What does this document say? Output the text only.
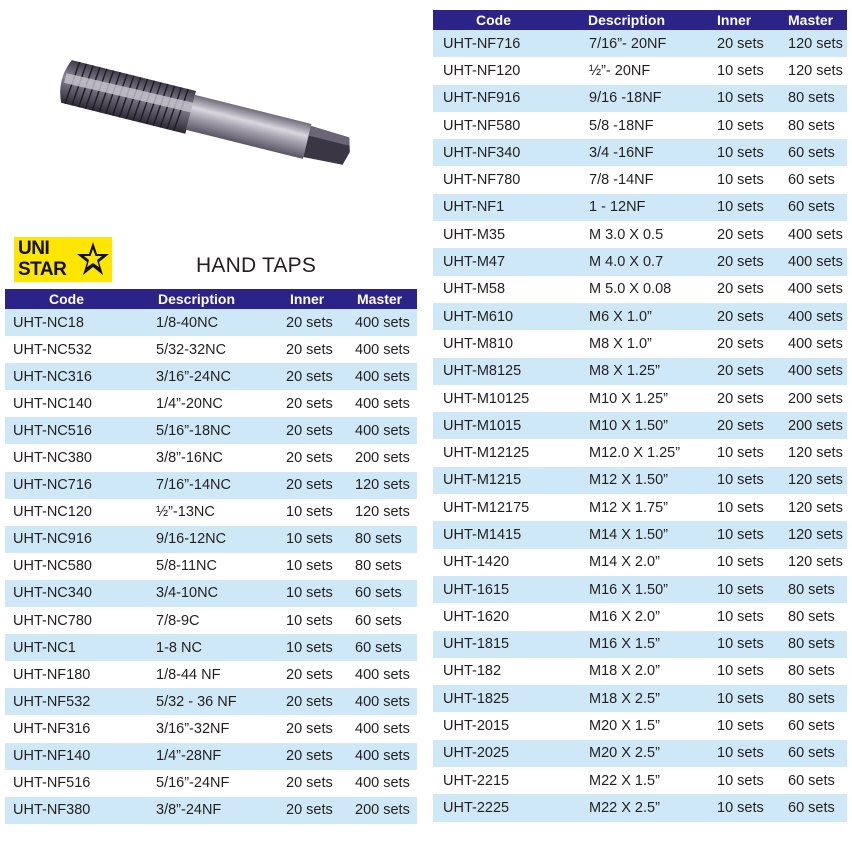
UNI
STAR	HAND TAPS
Code	Description	Inner	Master
UHT-NC18	1/8-40NC	20 sets	400 sets
UHT-NC532	5/32-32NC	20 sets	400 sets
UHT-NC316	3/16”-24NC	20 sets	400 sets
UHT-NC140	1/4”-20NC	20 sets	400 sets
UHT-NC516	5/16”-18NC	20 sets	400 sets
UHT-NC380	3/8”-16NC	20 sets	200 sets
UHT-NC716	7/16”-14NC	20 sets	120 sets
UHT-NC120	½”-13NC	10 sets	120 sets
UHT-NC916	9/16-12NC	10 sets	80 sets
UHT-NC580	5/8-11NC	10 sets	80 sets
UHT-NC340	3/4-10NC	10 sets	60 sets
UHT-NC780	7/8-9C	10 sets	60 sets
UHT-NC1	1-8 NC	10 sets	60 sets
UHT-NF180	1/8-44 NF	20 sets	400 sets
UHT-NF532	5/32 - 36 NF	20 sets	400 sets
UHT-NF316	3/16”-32NF	20 sets	400 sets
UHT-NF140	1/4”-28NF	20 sets	400 sets
UHT-NF516	5/16”-24NF	20 sets	400 sets
UHT-NF380	3/8”-24NF	20 sets	200 sets
Code	Description	Inner	Master
UHT-NF716	7/16”- 20NF	20 sets	120 sets
UHT-NF120	½”- 20NF	10 sets	120 sets
UHT-NF916	9/16 -18NF	10 sets	80 sets
UHT-NF580	5/8 -18NF	10 sets	80 sets
UHT-NF340	3/4 -16NF	10 sets	60 sets
UHT-NF780	7/8 -14NF	10 sets	60 sets
UHT-NF1	1 - 12NF	10 sets	60 sets
UHT-M35	M 3.0 X 0.5	20 sets	400 sets
UHT-M47	M 4.0 X 0.7	20 sets	400 sets
UHT-M58	M 5.0 X 0.08	20 sets	400 sets
UHT-M610	M6 X 1.0”	20 sets	400 sets
UHT-M810	M8 X 1.0”	20 sets	400 sets
UHT-M8125	M8 X 1.25”	20 sets	400 sets
UHT-M10125	M10 X 1.25”	20 sets	200 sets
UHT-M1015	M10 X 1.50”	20 sets	200 sets
UHT-M12125	M12.0 X 1.25”	10 sets	120 sets
UHT-M1215	M12 X 1.50”	10 sets	120 sets
UHT-M12175	M12 X 1.75”	10 sets	120 sets
UHT-M1415	M14 X 1.50”	10 sets	120 sets
UHT-1420	M14 X 2.0”	10 sets	120 sets
UHT-1615	M16 X 1.50”	10 sets	80 sets
UHT-1620	M16 X 2.0”	10 sets	80 sets
UHT-1815	M16 X 1.5”	10 sets	80 sets
UHT-182	M18 X 2.0”	10 sets	80 sets
UHT-1825	M18 X 2.5”	10 sets	80 sets
UHT-2015	M20 X 1.5”	10 sets	60 sets
UHT-2025	M20 X 2.5”	10 sets	60 sets
UHT-2215	M22 X 1.5”	10 sets	60 sets
UHT-2225	M22 X 2.5”	10 sets	60 sets
